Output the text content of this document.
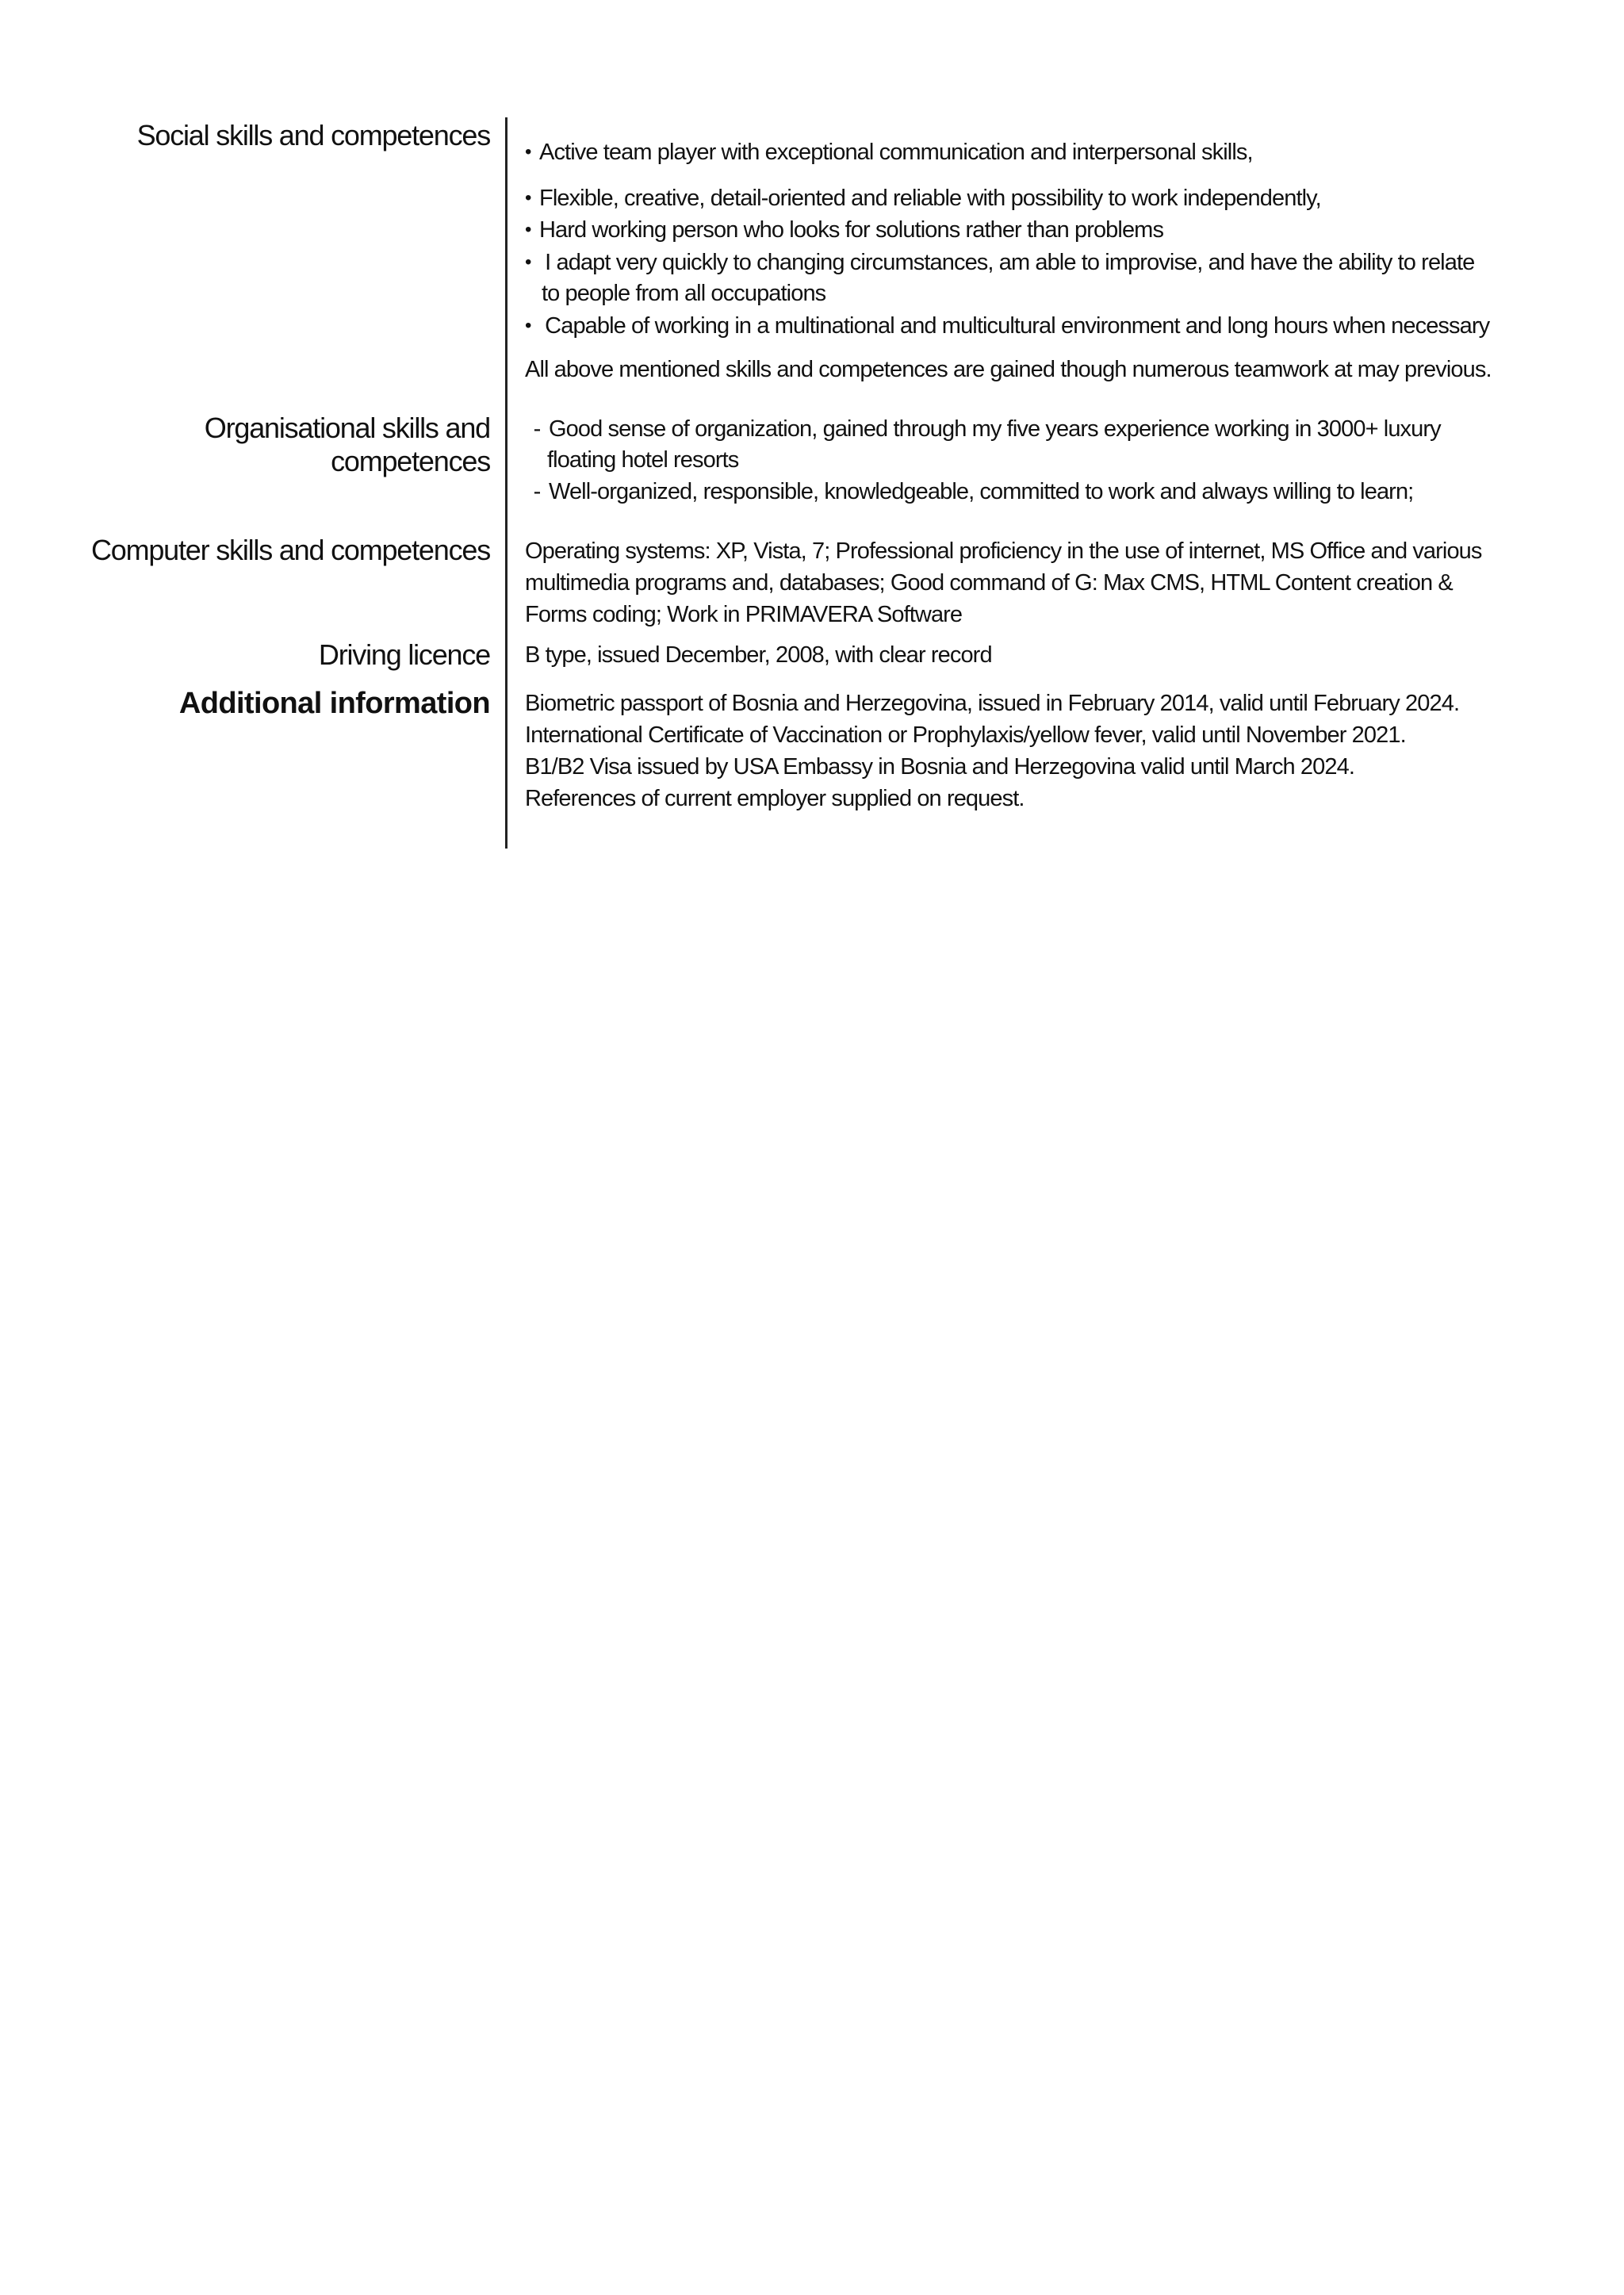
Social skills and competences
Organisational skills and
competences
Computer skills and competences
Driving licence
Additional information
• Active team player with exceptional communication and interpersonal skills,
• Flexible, creative, detail-oriented and reliable with possibility to work independently,
• Hard working person who looks for solutions rather than problems
• I adapt very quickly to changing circumstances, am able to improvise, and have the ability to relate
to people from all occupations
• Capable of working in a multinational and multicultural environment and long hours when necessary
All above mentioned skills and competences are gained though numerous teamwork at may previous.
- Good sense of organization, gained through my five years experience working in 3000+ luxury
floating hotel resorts
- Well-organized, responsible, knowledgeable, committed to work and always willing to learn;
Operating systems: XP, Vista, 7; Professional proficiency in the use of internet, MS Office and various
multimedia programs and, databases; Good command of G: Max CMS, HTML Content creation &
Forms coding; Work in PRIMAVERA Software
B type, issued December, 2008, with clear record
Biometric passport of Bosnia and Herzegovina, issued in February 2014, valid until February 2024.
International Certificate of Vaccination or Prophylaxis/yellow fever, valid until November 2021.
B1/B2 Visa issued by USA Embassy in Bosnia and Herzegovina valid until March 2024.
References of current employer supplied on request.
